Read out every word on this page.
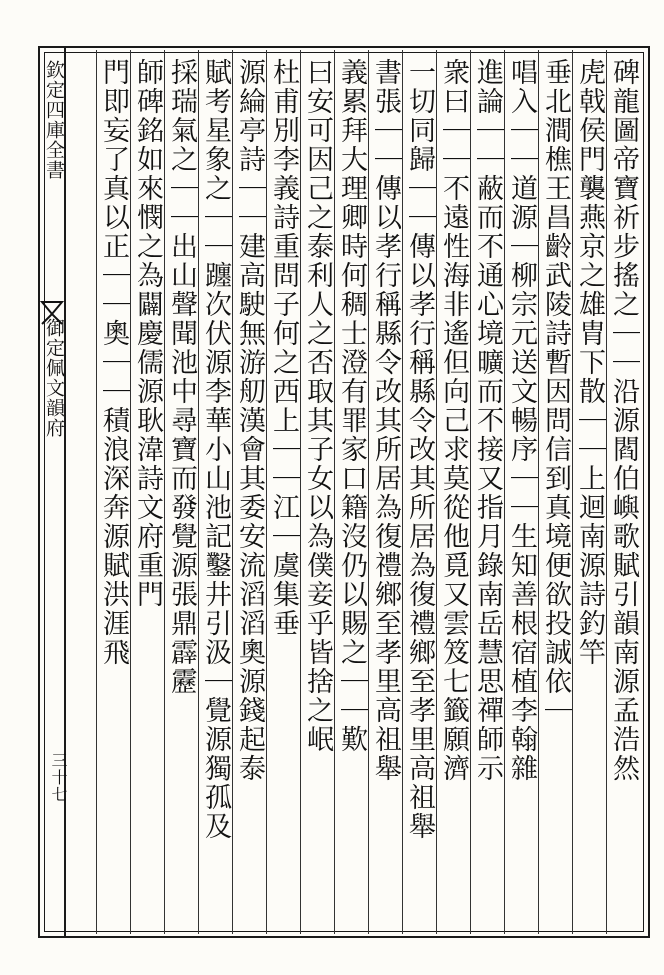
欽定四庫全書
御定佩文韻府
三十七	碑龍圖帝寶祈步搖之｜｜沿源閻伯嶼歌賦引韻南源孟浩然
虎戟侯門襲燕京之雄胄下散｜｜上迴南源詩釣竿
垂北澗樵王昌齡武陵詩暫因問信到真境便欲投誠依｜
唱入｜｜道源｜柳宗元送文暢序｜｜生知善根宿植李翰雜
進論｜｜蔽而不通心境曠而不接又指月錄南岳慧思禪師示
衆曰｜｜不遠性海非遙但向己求莫從他覓又雲笈七籤願濟
一切同歸｜｜傳以孝行稱縣令改其所居為復禮鄉至孝里高祖舉
書張｜｜傳以孝行稱縣令改其所居為復禮鄉至孝里高祖舉
義累拜大理卿時何稠士澄有罪家口籍沒仍以賜之｜｜歎
曰安可因己之泰利人之否取其子女以為僕妾乎皆捨之岷
杜甫別李義詩重問子何之西上｜｜江｜虞集垂
源綸亭詩｜｜建高駛無游舠漢會其委安流滔滔奧源錢起泰
賦考星象之｜｜躔次伏源李華小山池記鑿井引汲｜覺源獨孤及
採瑞氣之｜｜出山聲聞池中尋寶而發覺源張鼎霹靂
師碑銘如來憫之為闢慶儒源耿湋詩文府重門
門即妄了真以正｜｜奧｜｜積浪深奔源賦洪涯飛
